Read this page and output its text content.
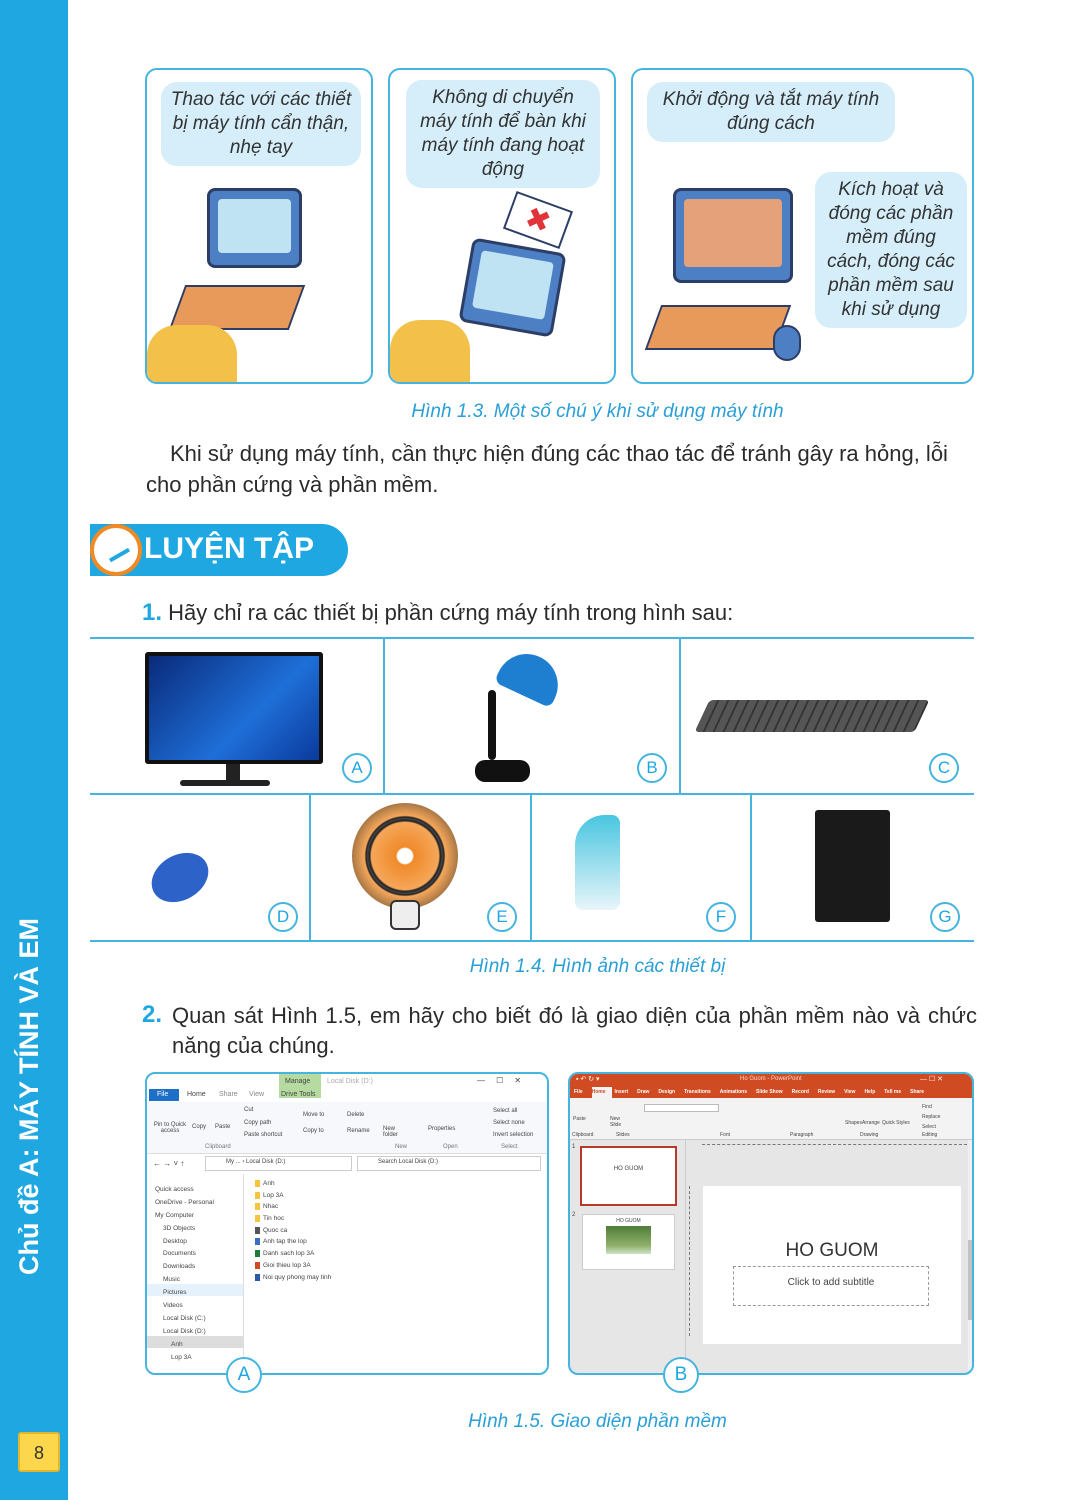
Chủ đề A: MÁY TÍNH VÀ EM
8
Thao tác với các thiết bị máy tính cẩn thận, nhẹ tay
Không di chuyển máy tính để bàn khi máy tính đang hoạt động
✖
Khởi động và tắt máy tính đúng cách
Kích hoạt và đóng các phần mềm đúng cách, đóng các phần mềm sau khi sử dụng
Hình 1.3. Một số chú ý khi sử dụng máy tính
Khi sử dụng máy tính, cần thực hiện đúng các thao tác để tránh gây ra hỏng, lỗi cho phần cứng và phần mềm.
LUYỆN TẬP
1. Hãy chỉ ra các thiết bị phần cứng máy tính trong hình sau:
A	B	C
D	E	F	G
Hình 1.4. Hình ảnh các thiết bị
2. Quan sát Hình 1.5, em hãy cho biết đó là giao diện của phần mềm nào và chức năng của chúng.
Manage Local Disk (D:)	—     ☐     ✕
File	Home Share View Drive Tools
Pin to Quick access
Copy Paste
Cut
Copy path
Paste shortcut
Clipboard
Move to
Copy to
Delete
Rename New folder
New
Properties
Open
Select all
Select none
Invert selection
Select
← → ˅ ↑	My ... › Local Disk (D:)	Search Local Disk (D:)
Quick access
OneDrive - Personal
My Computer
3D Objects
Desktop
Documents
Downloads
Music
Pictures
Videos
Local Disk (C:)
Local Disk (D:)
Anh
Lop 3A
Anh
Lop 3A
Nhac
Tin hoc
Quoc ca
Anh tap the lop
Danh sach lop 3A
Gioi thieu lop 3A
Noi quy phong may tinh
A
Ho Guom - PowerPoint
▪ ↶ ↻ ▾	— ☐ ✕
File Home Insert Draw Design Transitions Animations Slide Show Record Review View Help Tell me Share
Paste	New Slide	Shapes Arrange Quick Styles
Find
Replace
Select
Clipboard	Slides	Font	Paragraph	Drawing	Editing
1
HO GUOM
2
HO GUOM
HO GUOM
Click to add subtitle
B
Hình 1.5. Giao diện phần mềm
